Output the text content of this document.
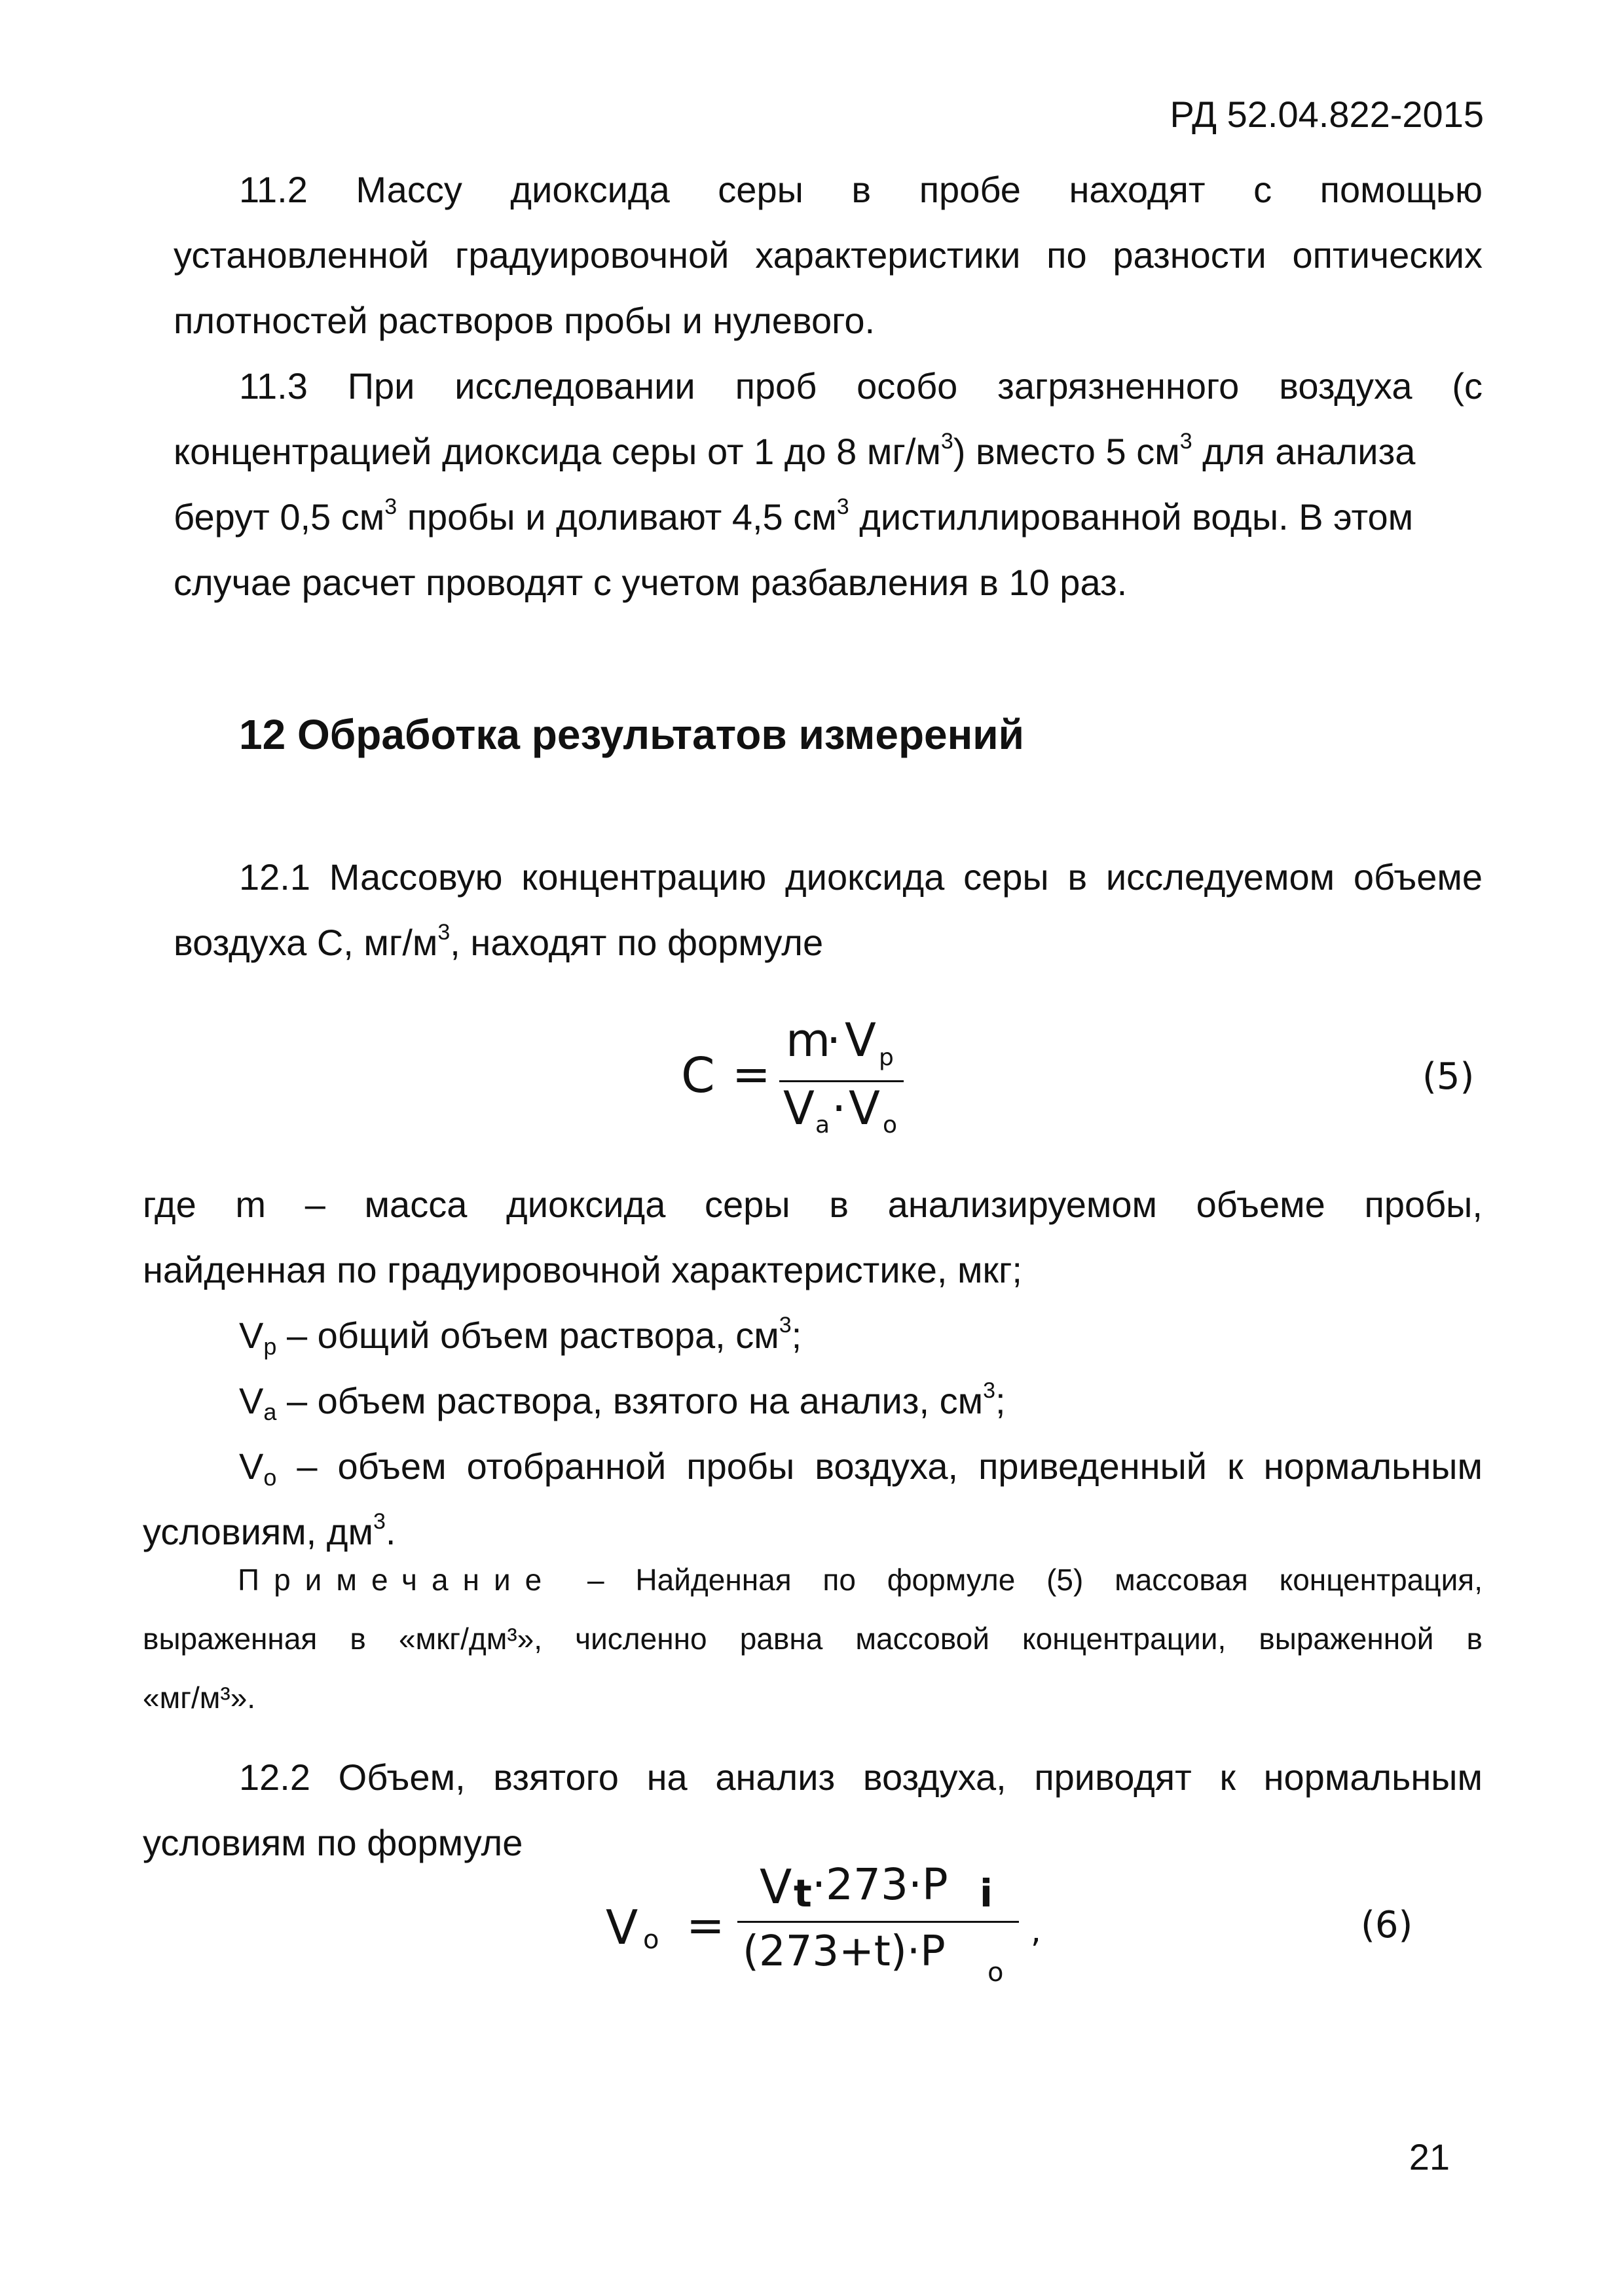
РД 52.04.822-2015
11.2 Массу диоксида серы в пробе находят с помощью
установленной градуировочной характеристики по разности оптических
плотностей растворов пробы и нулевого.
11.3 При исследовании проб особо загрязненного воздуха (с
концентрацией диоксида серы от 1 до 8 $мг/м^3$) вместо 5 $см^3$ для анализа
берут 0,5 $см^3$ пробы и доливают 4,5 $см^3$ дистиллированной воды. В этом
случае расчет проводят с учетом разбавления в 10 раз.
12 Обработка результатов измерений
12.1 Массовую концентрацию диоксида серы в исследуемом объеме
воздуха С, $мг/м^3$, находят по формуле
C =
m
· V p
V a · V o
(5)
где m – масса диоксида серы в анализируемом объеме пробы,
найденная по градуировочной характеристике, мкг;
$V_р$ – общий объем раствора, $см^3$;
$V_а$ – объем раствора, взятого на анализ, $см^3$;
$V_о$ – объем отобранной пробы воздуха, приведенный к нормальным
условиям, $дм^3$.
Примечание – Найденная по формуле (5) массовая концентрация,
выраженная в «мкг/дм³», численно равна массовой концентрации, выраженной в
«мг/м³».
12.2 Объем, взятого на анализ воздуха, приводят к нормальным
условиям по формуле
V o =
V t ·273·P i
(273+t)·P o
,	(6)
21
